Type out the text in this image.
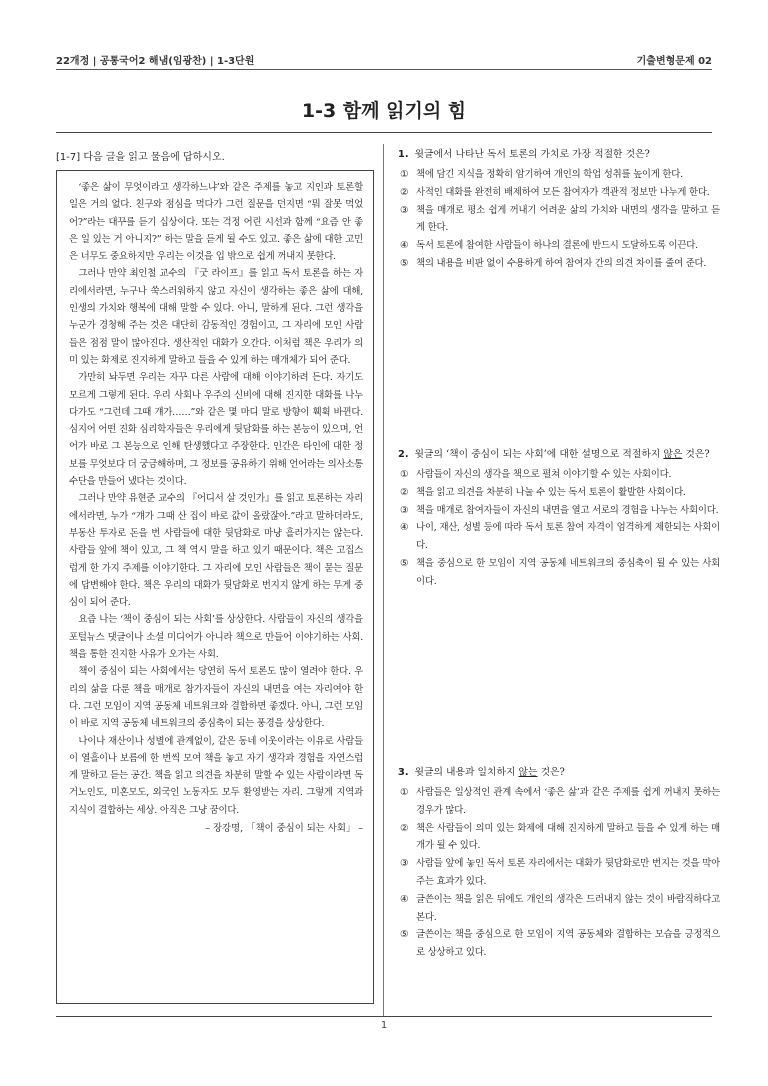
22개정 | 공통국어2 해냄(임광찬) | 1-3단원	기출변형문제 02
1-3 함께 읽기의 힘
[1-7] 다음 글을 읽고 물음에 답하시오.

‘좋은 삶이 무엇이라고 생각하느냐’와 같은 주제를 놓고 지인과 토론할 일은 거의 없다. 친구와 점심을 먹다가 그런 질문을 던지면 “뭐 잘못 먹었어?”라는 대꾸를 듣기 십상이다. 또는 걱정 어린 시선과 함께 “요즘 안 좋은 일 있는 거 아니지?” 하는 말을 듣게 될 수도 있고. 좋은 삶에 대한 고민은 너무도 중요하지만 우리는 이것을 입 밖으로 쉽게 꺼내지 못한다.

그러나 만약 최인철 교수의 『굿 라이프』를 읽고 독서 토론을 하는 자리에서라면, 누구나 쑥스러워하지 않고 자신이 생각하는 좋은 삶에 대해, 인생의 가치와 행복에 대해 말할 수 있다. 아니, 말하게 된다. 그런 생각을 누군가 경청해 주는 것은 대단히 감동적인 경험이고, 그 자리에 모인 사람들은 점점 말이 많아진다. 생산적인 대화가 오간다. 이처럼 책은 우리가 의미 있는 화제로 진지하게 말하고 들을 수 있게 하는 매개체가 되어 준다.

가만히 놔두면 우리는 자꾸 다른 사람에 대해 이야기하려 든다. 자기도 모르게 그렇게 된다. 우리 사회나 우주의 신비에 대해 진지한 대화를 나누다가도 “그런데 그때 걔가……”와 같은 몇 마디 말로 방향이 훽휙 바뀐다. 심지어 어떤 진화 심리학자들은 우리에게 뒷담화를 하는 본능이 있으며, 언어가 바로 그 본능으로 인해 탄생했다고 주장한다. 인간은 타인에 대한 정보를 무엇보다 더 궁금해하며, 그 정보를 공유하기 위해 언어라는 의사소통 수단을 만들어 냈다는 것이다.

그러나 만약 유현준 교수의 『어디서 살 것인가』를 읽고 토론하는 자리에서라면, 누가 “걔가 그때 산 집이 바로 값이 올랐잖아.”라고 말하더라도, 부동산 투자로 돈을 번 사람들에 대한 뒷담화로 마냥 흘러가지는 않는다. 사람들 앞에 책이 있고, 그 책 역시 말을 하고 있기 때문이다. 책은 고집스럽게 한 가지 주제를 이야기한다. 그 자리에 모인 사람들은 책이 묻는 질문에 답변해야 한다. 책은 우리의 대화가 뒷담화로 번지지 않게 하는 무게 중심이 되어 준다.

요즘 나는 ‘책이 중심이 되는 사회’를 상상한다. 사람들이 자신의 생각을 포털뉴스 댓글이나 소셜 미디어가 아니라 책으로 만들어 이야기하는 사회. 책을 통한 진지한 사유가 오가는 사회.

책이 중심이 되는 사회에서는 당연히 독서 토론도 많이 열려야 한다. 우리의 삶을 다룬 책을 매개로 참가자들이 자신의 내면을 여는 자리여야 한다. 그런 모임이 지역 공동체 네트워크와 결합하면 좋겠다. 아니, 그런 모임이 바로 지역 공동체 네트워크의 중심축이 되는 풍경을 상상한다.

나이나 재산이나 성별에 관계없이, 같은 동네 이웃이라는 이유로 사람들이 열흘이나 보름에 한 번씩 모여 책을 놓고 자기 생각과 경험을 자연스럽게 말하고 듣는 공간. 책을 읽고 의견을 차분히 말할 수 있는 사람이라면 독거노인도, 미혼모도, 외국인 노동자도 모두 환영받는 자리. 그렇게 지역과 지식이 결합하는 세상. 아직은 그냥 꿈이다.

– 장강명, 「책이 중심이 되는 사회」 –
1. 윗글에서 나타난 독서 토론의 가치로 가장 적절한 것은?
① 책에 담긴 지식을 정확히 암기하여 개인의 학업 성취를 높이게 한다.
② 사적인 대화를 완전히 배제하여 모든 참여자가 객관적 정보만 나누게 한다.
③ 책을 매개로 평소 쉽게 꺼내기 어려운 삶의 가치와 내면의 생각을 말하고 듣게 한다.
④ 독서 토론에 참여한 사람들이 하나의 결론에 반드시 도달하도록 이끈다.
⑤ 책의 내용을 비판 없이 수용하게 하여 참여자 간의 의견 차이를 줄여 준다.
2. 윗글의 ‘책이 중심이 되는 사회’에 대한 설명으로 적절하지 않은 것은?
① 사람들이 자신의 생각을 책으로 펼쳐 이야기할 수 있는 사회이다.
② 책을 읽고 의견을 차분히 나눌 수 있는 독서 토론이 활발한 사회이다.
③ 책을 매개로 참여자들이 자신의 내면을 열고 서로의 경험을 나누는 사회이다.
④ 나이, 재산, 성별 등에 따라 독서 토론 참여 자격이 엄격하게 제한되는 사회이다.
⑤ 책을 중심으로 한 모임이 지역 공동체 네트워크의 중심축이 될 수 있는 사회이다.
3. 윗글의 내용과 일치하지 않는 것은?
① 사람들은 일상적인 관계 속에서 ‘좋은 삶’과 같은 주제를 쉽게 꺼내지 못하는 경우가 많다.
② 책은 사람들이 의미 있는 화제에 대해 진지하게 말하고 들을 수 있게 하는 매개가 될 수 있다.
③ 사람들 앞에 놓인 독서 토론 자리에서는 대화가 뒷담화로만 번지는 것을 막아 주는 효과가 있다.
④ 글쓴이는 책을 읽은 뒤에도 개인의 생각은 드러내지 않는 것이 바람직하다고 본다.
⑤ 글쓴이는 책을 중심으로 한 모임이 지역 공동체와 결합하는 모습을 긍정적으로 상상하고 있다.
1
